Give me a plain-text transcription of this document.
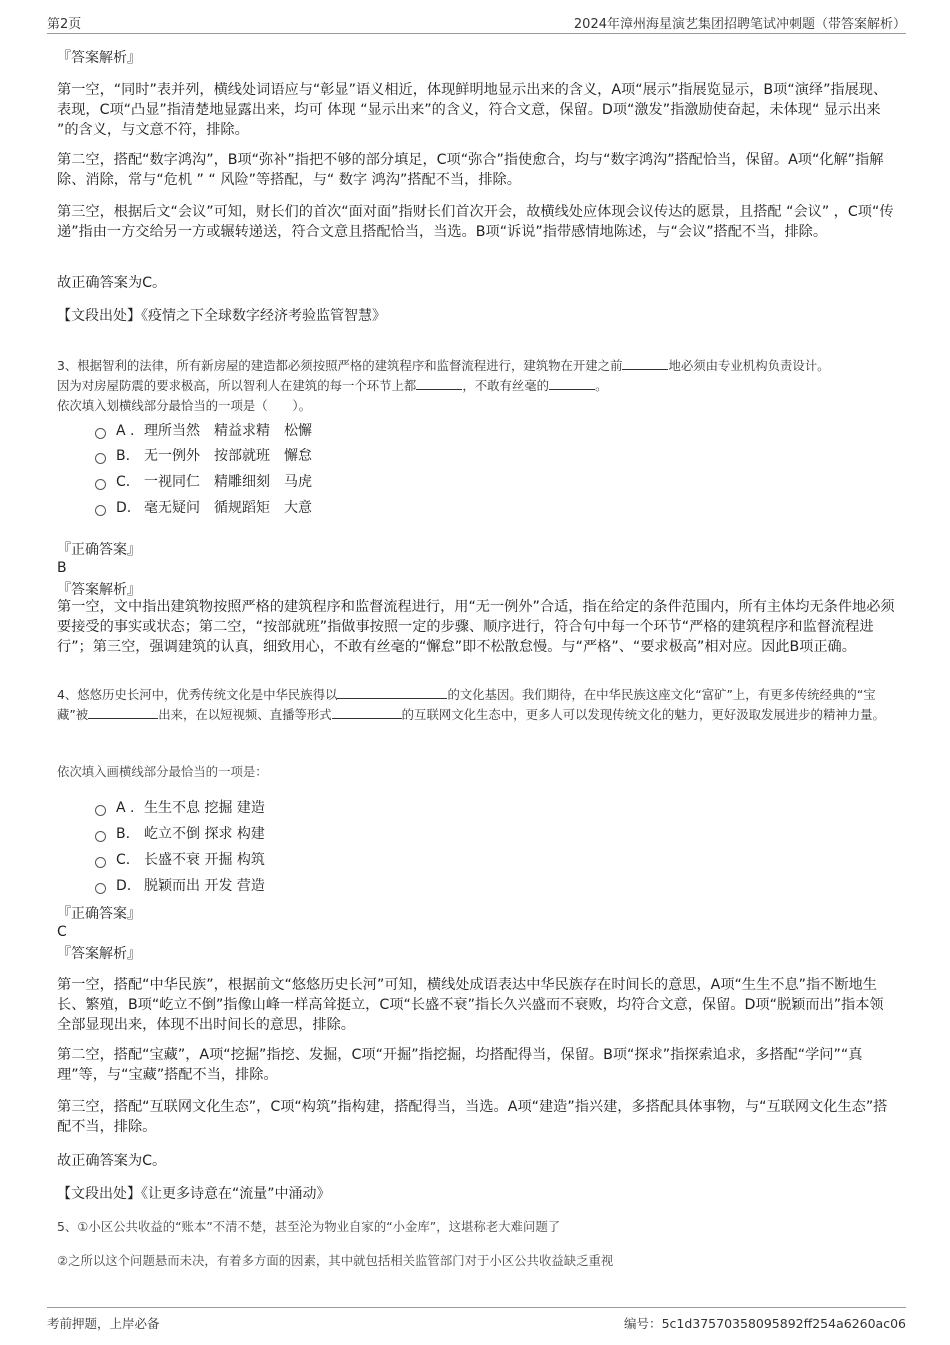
第2页	2024年漳州海星演艺集团招聘笔试冲刺题（带答案解析）
『答案解析』

第一空，“同时”表并列，横线处词语应与“彰显”语义相近，体现鲜明地显示出来的含义，A项“展示”指展览显示，B项“演绎”指展现、表现，C项“凸显”指清楚地显露出来，均可 体现 “显示出来”的含义，符合文意，保留。D项“激发”指激励使奋起，未体现“ 显示出来 ”的含义，与文意不符，排除。

第二空，搭配“数字鸿沟”，B项“弥补”指把不够的部分填足，C项“弥合”指使愈合，均与“数字鸿沟”搭配恰当，保留。A项“化解”指解除、消除，常与“危机 ” “ 风险”等搭配，与“ 数字 鸿沟”搭配不当，排除。

第三空，根据后文“会议”可知，财长们的首次“面对面”指财长们首次开会，故横线处应体现会议传达的愿景，且搭配 “会议” ，C项“传递”指由一方交给另一方或辗转递送，符合文意且搭配恰当，当选。B项“诉说”指带感情地陈述，与“会议”搭配不当，排除。

故正确答案为C。
【文段出处】《疫情之下全球数字经济考验监管智慧》

3、根据智利的法律，所有新房屋的建造都必须按照严格的建筑程序和监督流程进行，建筑物在开建之前	地必须由专业机构负责设计。
因为对房屋防震的要求极高，所以智利人在建筑的每一个环节上都	，不敢有丝毫的	。
依次填入划横线部分最恰当的一项是（　　）。

A . 理所当然 精益求精 松懈
B. 无一例外 按部就班 懈怠
C. 一视同仁 精雕细刻 马虎
D. 毫无疑问 循规蹈矩 大意
『正确答案』
B
『答案解析』

第一空，文中指出建筑物按照严格的建筑程序和监督流程进行，用“无一例外”合适，指在给定的条件范围内，所有主体均无条件地必须要接受的事实或状态；第二空，“按部就班”指做事按照一定的步骤、顺序进行，符合句中每一个环节“严格的建筑程序和监督流程进行”；第三空，强调建筑的认真，细致用心，不敢有丝毫的“懈怠”即不松散怠慢。与“严格”、“要求极高”相对应。因此B项正确。

4、悠悠历史长河中，优秀传统文化是中华民族得以	的文化基因。我们期待，在中华民族这座文化“富矿”上，有更多传统经典的“宝藏”被	出来，在以短视频、直播等形式	的互联网文化生态中，更多人可以发现传统文化的魅力，更好汲取发展进步的精神力量。

依次填入画横线部分最恰当的一项是：
A . 生生不息 挖掘 建造
B. 屹立不倒 探求 构建
C. 长盛不衰 开掘 构筑
D. 脱颖而出 开发 营造
『正确答案』
C
『答案解析』

第一空，搭配“中华民族”，根据前文“悠悠历史长河”可知，横线处成语表达中华民族存在时间长的意思，A项“生生不息”指不断地生长、繁殖，B项“屹立不倒”指像山峰一样高耸挺立，C项“长盛不衰”指长久兴盛而不衰败，均符合文意，保留。D项“脱颖而出”指本领全部显现出来，体现不出时间长的意思，排除。

第二空，搭配“宝藏”，A项“挖掘”指挖、发掘，C项“开掘”指挖掘，均搭配得当，保留。B项“探求”指探索追求，多搭配“学问”“真理”等，与“宝藏”搭配不当，排除。

第三空，搭配“互联网文化生态”，C项“构筑”指构建，搭配得当，当选。A项“建造”指兴建，多搭配具体事物，与“互联网文化生态”搭配不当，排除。

故正确答案为C。
【文段出处】《让更多诗意在“流量”中涌动》
5、①小区公共收益的“账本”不清不楚，甚至沦为物业自家的“小金库”，这堪称老大难问题了
②之所以这个问题悬而未决，有着多方面的因素，其中就包括相关监管部门对于小区公共收益缺乏重视
考前押题，上岸必备	编号：5c1d37570358095892ff254a6260ac06
